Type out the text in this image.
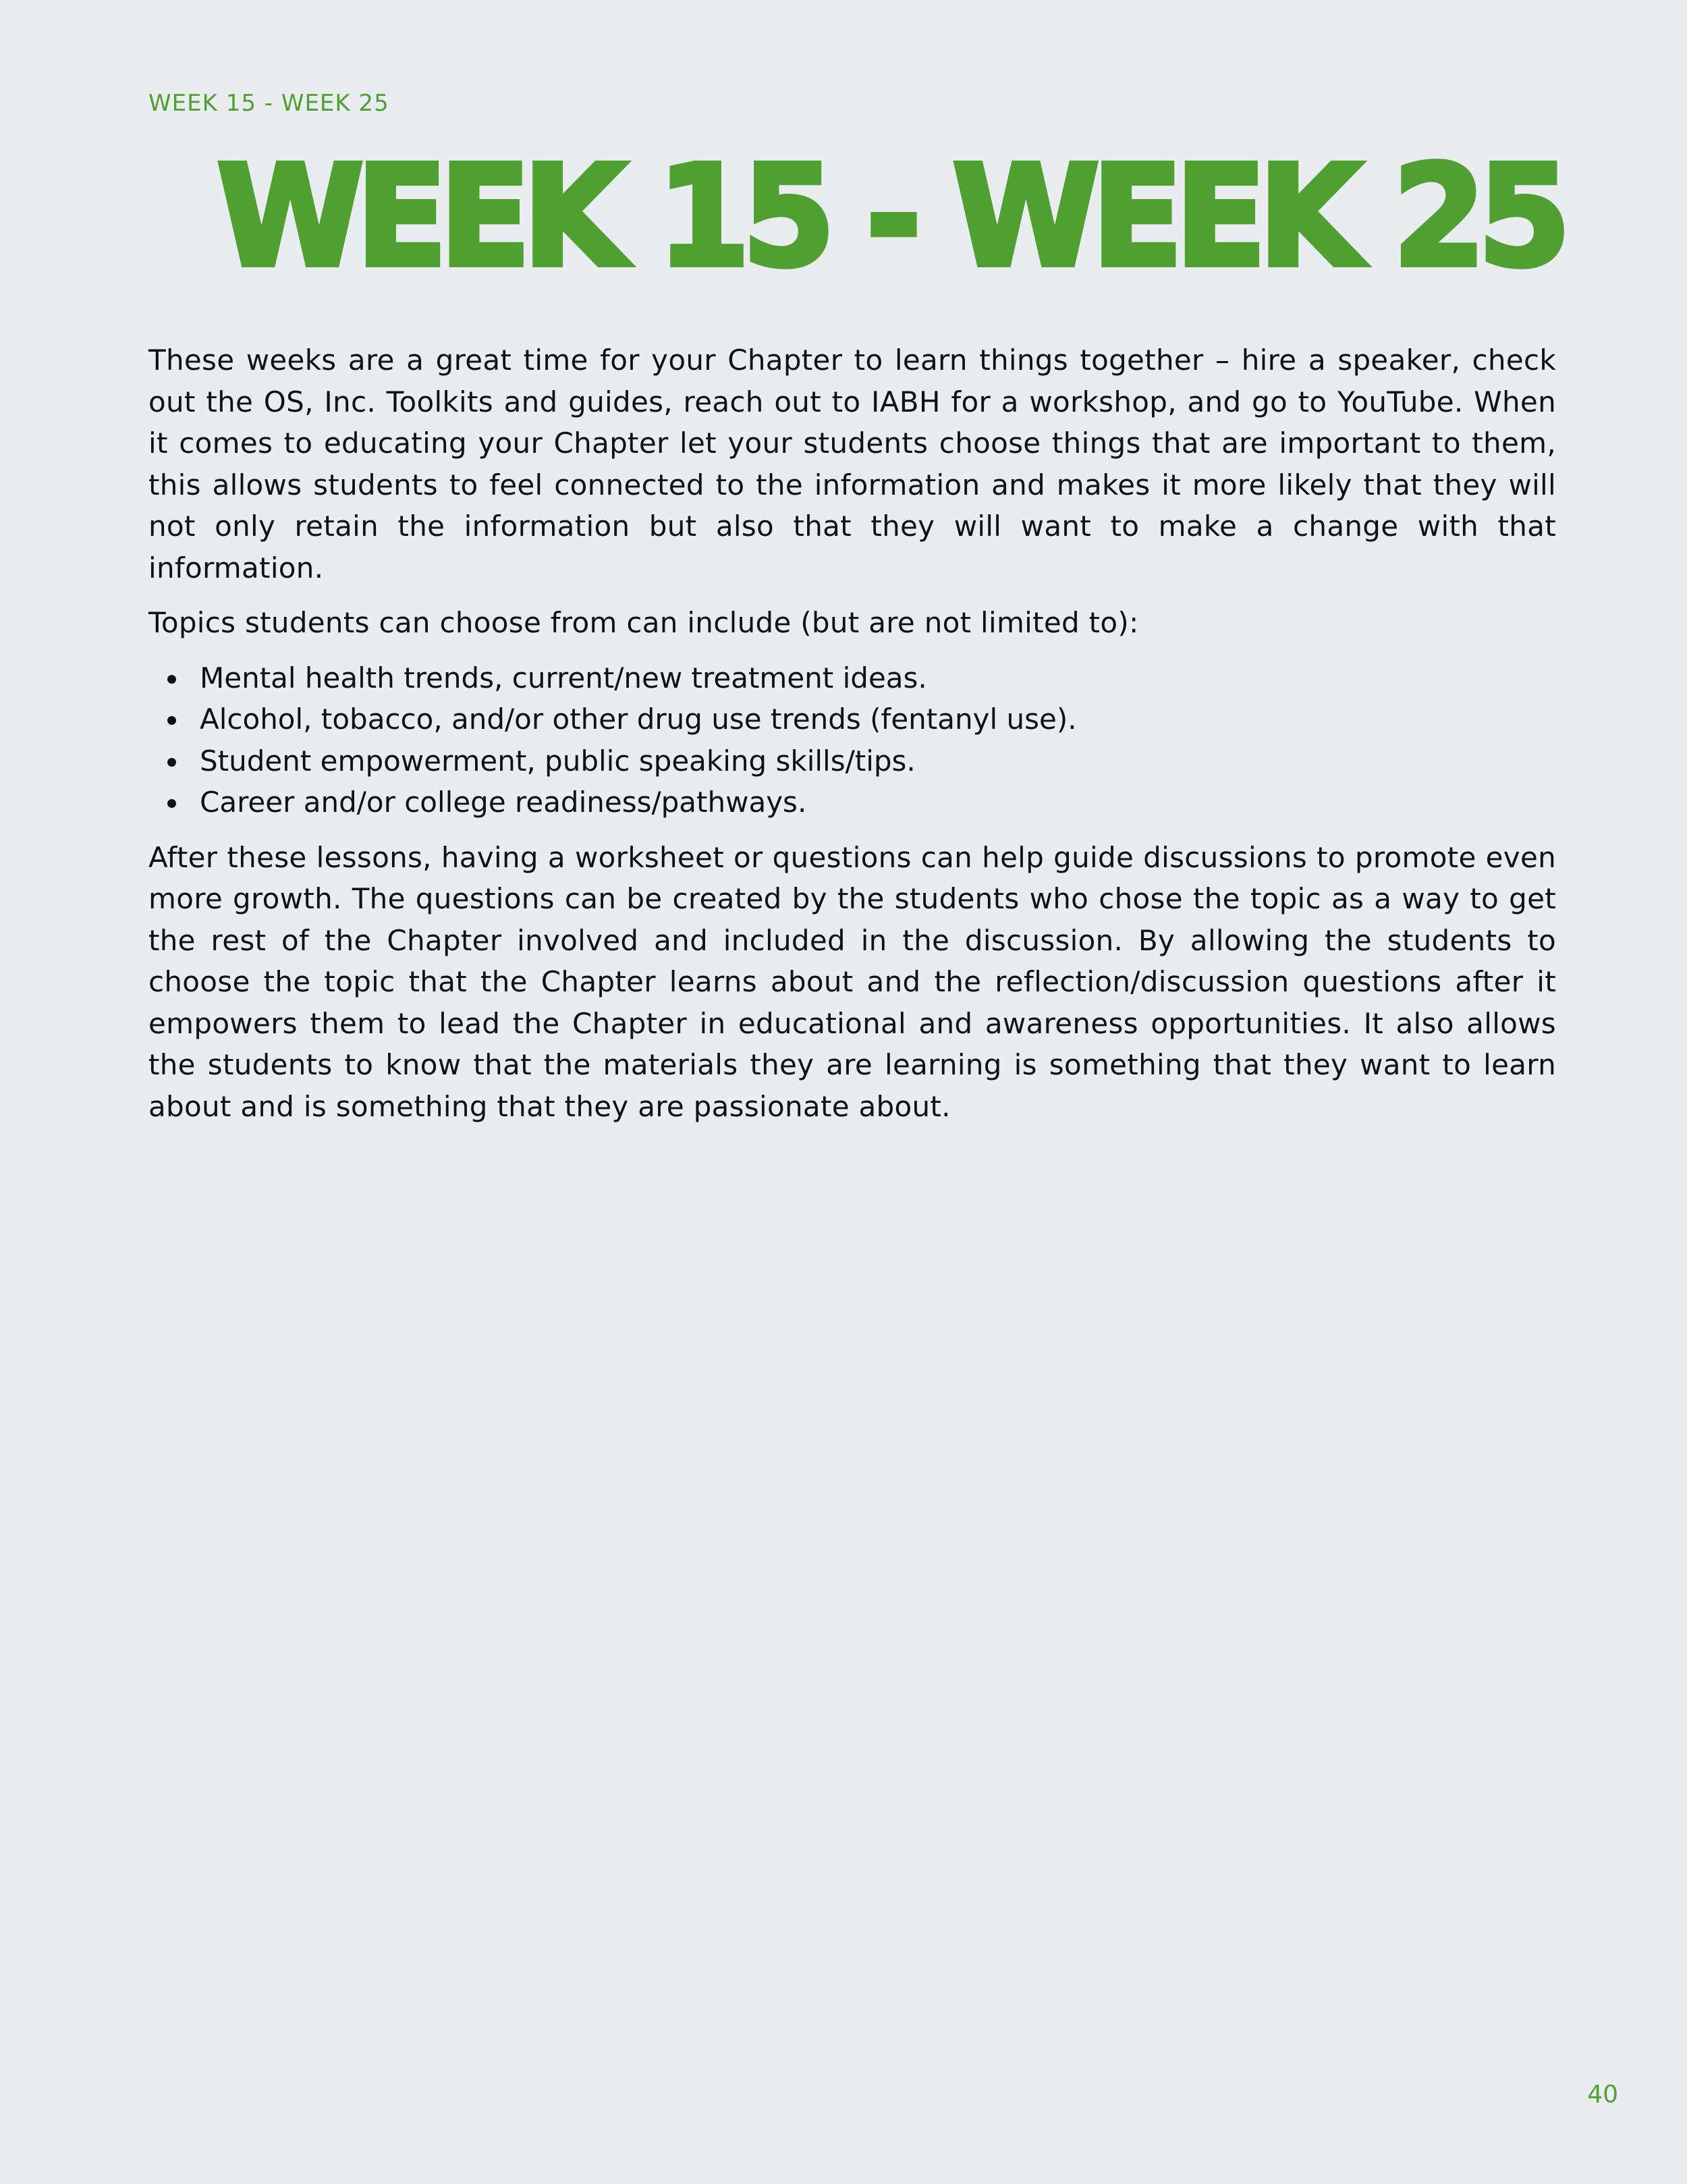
WEEK 15 - WEEK 25
WEEK 15 - WEEK 25

These weeks are a great time for your Chapter to learn things together – hire a speaker, check out the OS, Inc. Toolkits and guides, reach out to IABH for a workshop, and go to YouTube. When it comes to educating your Chapter let your students choose things that are important to them, this allows students to feel connected to the information and makes it more likely that they will not only retain the information but also that they will want to make a change with that information.

Topics students can choose from can include (but are not limited to):

Mental health trends, current/new treatment ideas.
Alcohol, tobacco, and/or other drug use trends (fentanyl use).
Student empowerment, public speaking skills/tips.
Career and/or college readiness/pathways.

After these lessons, having a worksheet or questions can help guide discussions to promote even more growth. The questions can be created by the students who chose the topic as a way to get the rest of the Chapter involved and included in the discussion. By allowing the students to choose the topic that the Chapter learns about and the reflection/discussion questions after it empowers them to lead the Chapter in educational and awareness opportunities. It also allows the students to know that the materials they are learning is something that they want to learn about and is something that they are passionate about.

40
